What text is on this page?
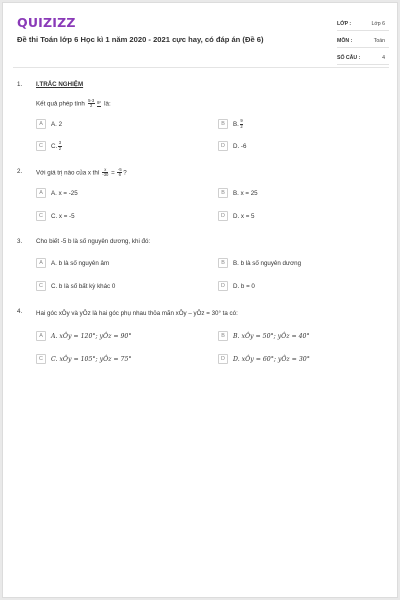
QUIZIZZ
Đề thi Toán lớp 6 Học kì 1 năm 2020 - 2021 cực hay, có đáp án (Đề 6)
LỚP :	Lớp 6
MÔN :	Toán
SỐ CÂU :	4
1. I.TRẮC NGHIỆM
Kết quả phép tính $\frac{5-3}{2} 8^2$ là:
A	A. 2	B	B. $\frac{9}{2}$
C	C. $\frac{3}{2}$	D	D. -6
2. Với giá trị nào của x thì $\frac{x}{-30} = \frac{-5}{6}$ ?
A	A. x = -25	B	B. x = 25
C	C. x = -5	D	D. x = 5
3. Cho biết -5 b là số nguyên dương, khi đó:
A	A. b là số nguyên âm	B	B. b là số nguyên dương
C	C. b là số bất kỳ khác 0	D	D. b = 0
4. Hai góc xÔy và yÔz là hai góc phụ nhau thỏa mãn xÔy – yÔz = 30° ta có:
A	A. xÔy = 120°; yÔz = 90°	B	B. xÔy = 50°; yÔz = 40°
C	C. xÔy = 105°; yÔz = 75°	D	D. xÔy = 60°; yÔz = 30°
